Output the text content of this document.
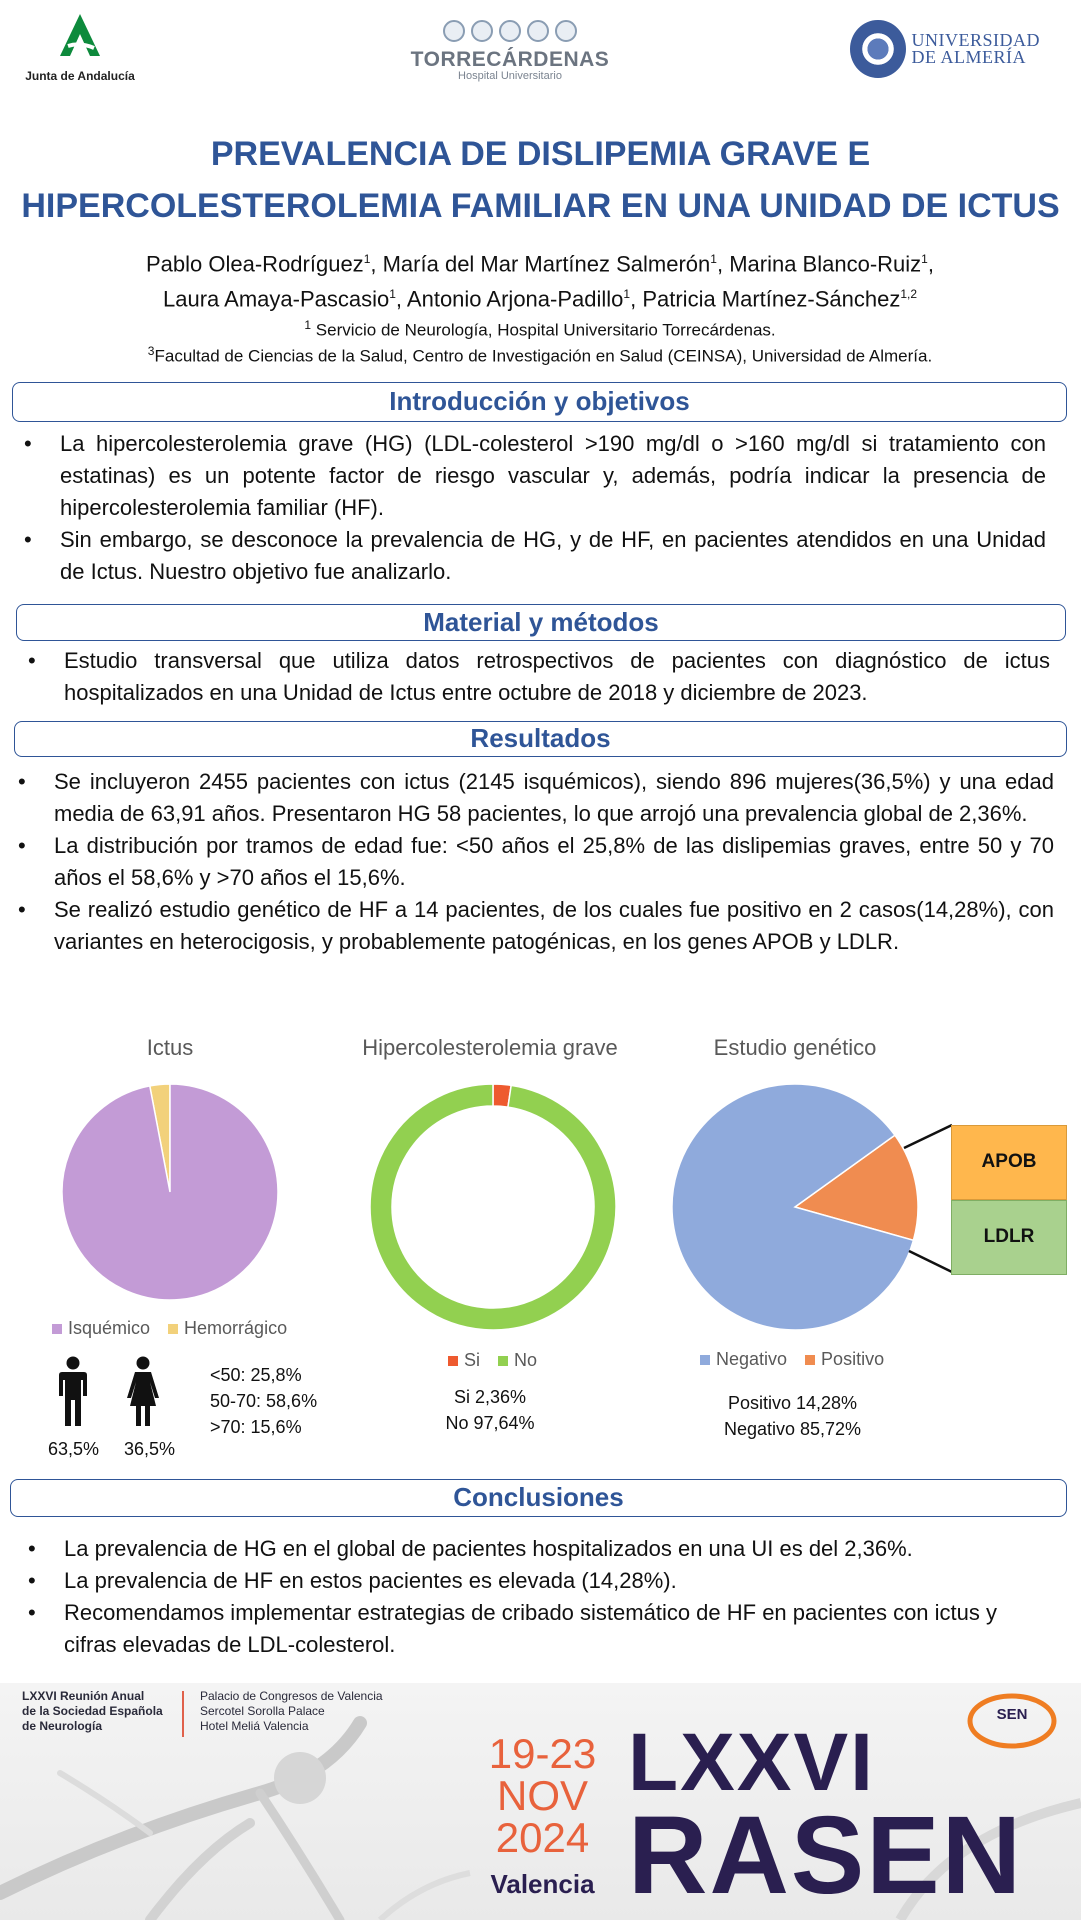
Junta de Andalucía
TORRECÁRDENAS
Hospital Universitario
UNIVERSIDAD
DE ALMERÍA
PREVALENCIA DE DISLIPEMIA GRAVE E
HIPERCOLESTEROLEMIA FAMILIAR EN UNA UNIDAD DE ICTUS
Pablo Olea-Rodríguez$^1$, María del Mar Martínez Salmerón$^1$, Marina Blanco-Ruiz$^1$,
Laura Amaya-Pascasio$^1$, Antonio Arjona-Padillo$^1$, Patricia Martínez-Sánchez$^{1,2}$
$^1$ Servicio de Neurología, Hospital Universitario Torrecárdenas.
$^3$Facultad de Ciencias de la Salud, Centro de Investigación en Salud (CEINSA), Universidad de Almería.
Introducción y objetivos
• La hipercolesterolemia grave (HG) (LDL-colesterol >190 mg/dl o >160 mg/dl si tratamiento con estatinas) es un potente factor de riesgo vascular y, además, podría indicar la presencia de hipercolesterolemia familiar (HF).
• Sin embargo, se desconoce la prevalencia de HG, y de HF, en pacientes atendidos en una Unidad de Ictus. Nuestro objetivo fue analizarlo.
Material y métodos
• Estudio transversal que utiliza datos retrospectivos de pacientes con diagnóstico de ictus hospitalizados en una Unidad de Ictus entre octubre de 2018 y diciembre de 2023.
Resultados
• Se incluyeron 2455 pacientes con ictus (2145 isquémicos), siendo 896 mujeres(36,5%) y una edad media de 63,91 años. Presentaron HG 58 pacientes, lo que arrojó una prevalencia global de 2,36%.
• La distribución por tramos de edad fue: <50 años el 25,8% de las dislipemias graves, entre 50 y 70 años el 58,6% y >70 años el 15,6%.
• Se realizó estudio genético de HF a 14 pacientes, de los cuales fue positivo en 2 casos(14,28%), con variantes en heterocigosis, y probablemente patogénicas, en los genes APOB y LDLR.
Ictus
Isquémico	Hemorrágico
63,5% 36,5%
<50: 25,8%
50-70: 58,6%
>70: 15,6%
Hipercolesterolemia grave
Si	No
Si 2,36%
No 97,64%
Estudio genético
APOB
LDLR
Negativo	Positivo
Positivo 14,28%
Negativo 85,72%
Conclusiones
• La prevalencia de HG en el global de pacientes hospitalizados en una UI es del 2,36%.
• La prevalencia de HF en estos pacientes es elevada (14,28%).
• Recomendamos implementar estrategias de cribado sistemático de HF en pacientes con ictus y cifras elevadas de LDL-colesterol.
LXXVI Reunión Anual
de la Sociedad Española
de Neurología
Palacio de Congresos de Valencia
Sercotel Sorolla Palace
Hotel Meliá Valencia
19-23
NOV
2024
Valencia
LXXVI
RASEN
SEN
